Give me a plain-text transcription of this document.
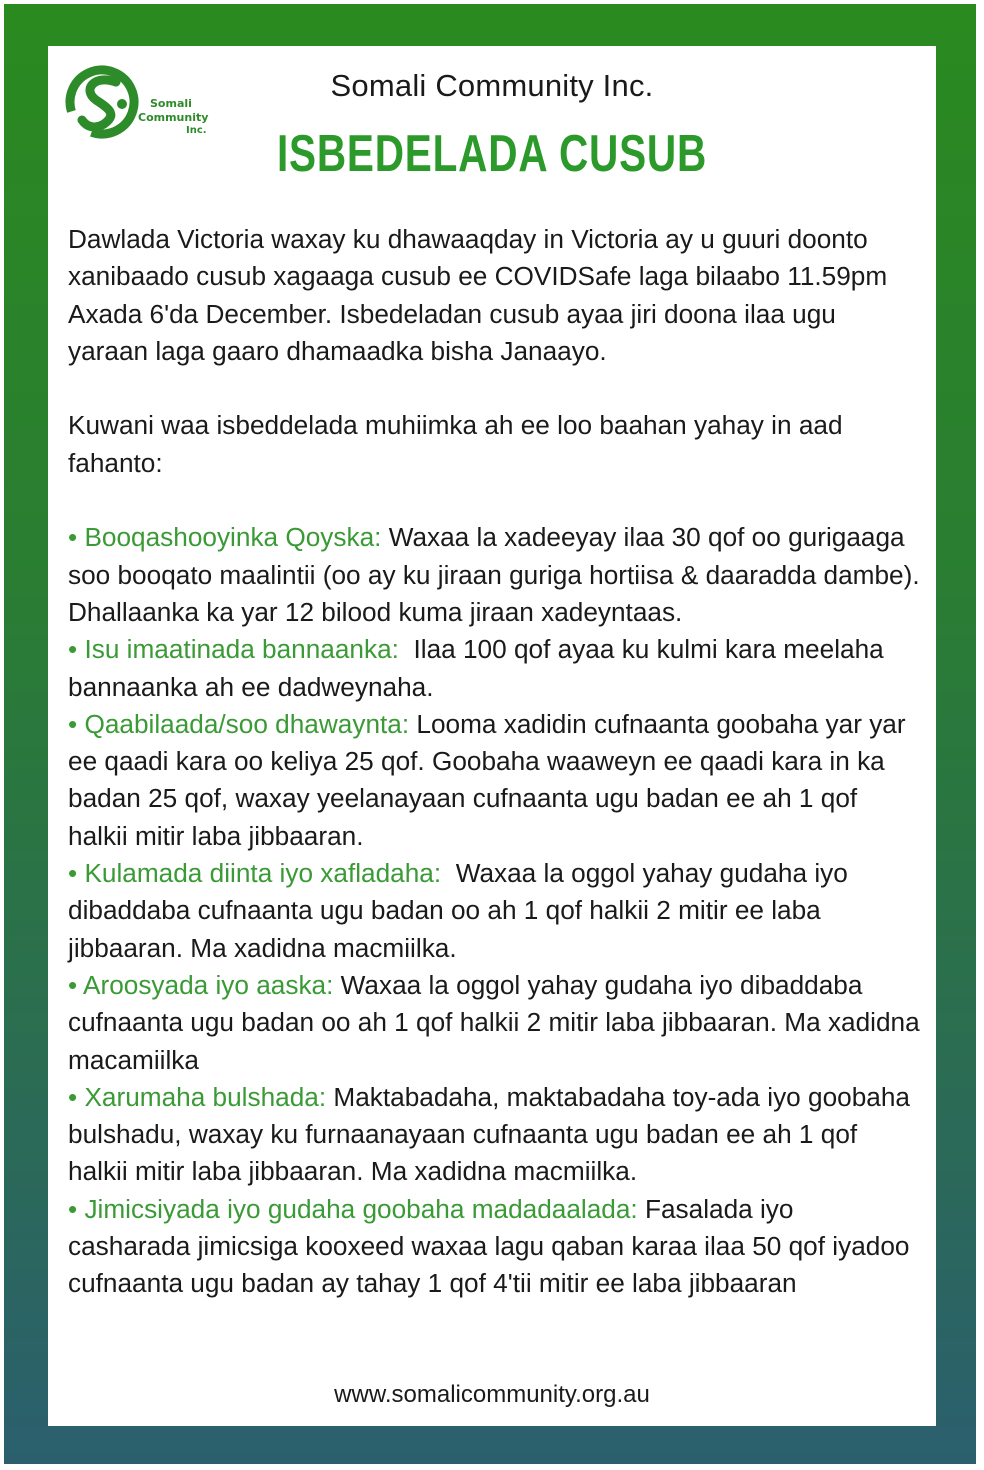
Somali
Community
Inc.
Somali Community Inc.
ISBEDELADA CUSUB

Dawlada Victoria waxay ku dhawaaqday in Victoria ay u guuri doonto xanibaado cusub xagaaga cusub ee COVIDSafe laga bilaabo 11.59pm Axada 6'da December. Isbedeladan cusub ayaa jiri doona ilaa ugu yaraan laga gaaro dhamaadka bisha Janaayo.

Kuwani waa isbeddelada muhiimka ah ee loo baahan yahay in aad fahanto:

• Booqashooyinka Qoyska: Waxaa la xadeeyay ilaa 30 qof oo gurigaaga soo booqato maalintii (oo ay ku jiraan guriga hortiisa & daaradda dambe). Dhallaanka ka yar 12 bilood kuma jiraan xadeyntaas.

• Isu imaatinada bannaanka: Ilaa 100 qof ayaa ku kulmi kara meelaha bannaanka ah ee dadweynaha.

• Qaabilaada/soo dhawaynta: Looma xadidin cufnaanta goobaha yar yar ee qaadi kara oo keliya 25 qof. Goobaha waaweyn ee qaadi kara in ka badan 25 qof, waxay yeelanayaan cufnaanta ugu badan ee ah 1 qof halkii mitir laba jibbaaran.

• Kulamada diinta iyo xafladaha: Waxaa la oggol yahay gudaha iyo dibaddaba cufnaanta ugu badan oo ah 1 qof halkii 2 mitir ee laba jibbaaran. Ma xadidna macmiilka.

• Aroosyada iyo aaska: Waxaa la oggol yahay gudaha iyo dibaddaba cufnaanta ugu badan oo ah 1 qof halkii 2 mitir laba jibbaaran. Ma xadidna macamiilka

• Xarumaha bulshada: Maktabadaha, maktabadaha toy-ada iyo goobaha bulshadu, waxay ku furnaanayaan cufnaanta ugu badan ee ah 1 qof halkii mitir laba jibbaaran. Ma xadidna macmiilka.

• Jimicsiyada iyo gudaha goobaha madadaalada: Fasalada iyo casharada jimicsiga kooxeed waxaa lagu qaban karaa ilaa 50 qof iyadoo cufnaanta ugu badan ay tahay 1 qof 4'tii mitir ee laba jibbaaran

www.somalicommunity.org.au
